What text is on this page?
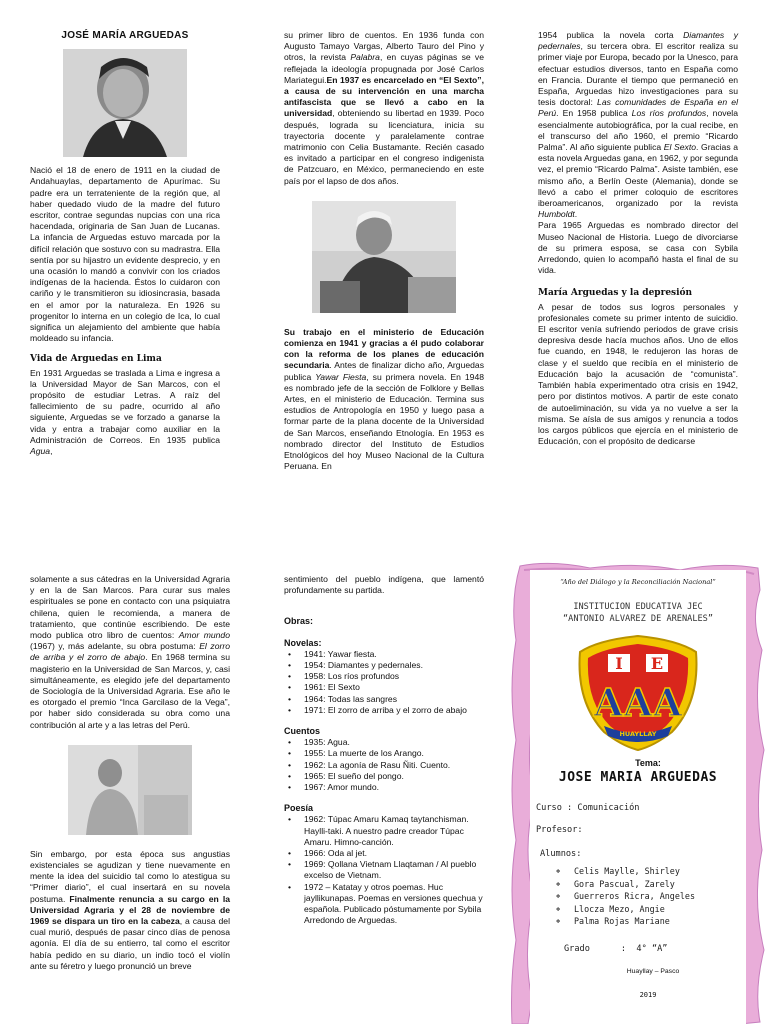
JOSÉ MARÍA ARGUEDAS

Nació el 18 de enero de 1911 en la ciudad de Andahuaylas, departamento de Apurímac. Su padre era un terrateniente de la región que, al haber quedado viudo de la madre del futuro escritor, contrae segundas nupcias con una rica hacendada, originaria de San Juan de Lucanas. La infancia de Arguedas estuvo marcada por la difícil relación que sostuvo con su madrastra. Ella sentía por su hijastro un evidente desprecio, y en una ocasión lo mandó a convivir con los criados indígenas de la hacienda. Éstos lo cuidaron con cariño y le transmitieron su idiosincrasia, basada en el amor por la naturaleza. En 1926 su progenitor lo interna en un colegio de Ica, lo cual significa un alejamiento del ambiente que había moldeado su infancia.

Vida de Arguedas en Lima

En 1931 Arguedas se traslada a Lima e ingresa a la Universidad Mayor de San Marcos, con el propósito de estudiar Letras. A raíz del fallecimiento de su padre, ocurrido al año siguiente, Arguedas se ve forzado a ganarse la vida y entra a trabajar como auxiliar en la Administración de Correos. En 1935 publica Agua,

su primer libro de cuentos. En 1936 funda con Augusto Tamayo Vargas, Alberto Tauro del Pino y otros, la revista Palabra, en cuyas páginas se ve reflejada la ideología propugnada por José Carlos Mariategui.En 1937 es encarcelado en “El Sexto”, a causa de su intervención en una marcha antifascista que se llevó a cabo en la universidad, obteniendo su libertad en 1939. Poco después, lograda su licenciatura, inicia su trayectoria docente y paralelamente contrae matrimonio con Celia Bustamante. Recién casado es invitado a participar en el congreso indigenista de Patzcuaro, en México, permaneciendo en este país por el lapso de dos años.

Su trabajo en el ministerio de Educación comienza en 1941 y gracias a él pudo colaborar con la reforma de los planes de educación secundaria. Antes de finalizar dicho año, Arguedas publica Yawar Fiesta, su primera novela. En 1948 es nombrado jefe de la sección de Folklore y Bellas Artes, en el ministerio de Educación. Termina sus estudios de Antropología en 1950 y luego pasa a formar parte de la plana docente de la Universidad de San Marcos, enseñando Etnología. En 1953 es nombrado director del Instituto de Estudios Etnológicos del hoy Museo Nacional de la Cultura Peruana. En

1954 publica la novela corta Diamantes y pedernales, su tercera obra. El escritor realiza su primer viaje por Europa, becado por la Unesco, para efectuar estudios diversos, tanto en España como en Francia. Durante el tiempo que permaneció en España, Arguedas hizo investigaciones para su tesis doctoral: Las comunidades de España en el Perú. En 1958 publica Los ríos profundos, novela esencialmente autobiográfica, por la cual recibe, en el transcurso del año 1960, el premio “Ricardo Palma”. Al año siguiente publica El Sexto. Gracias a esta novela Arguedas gana, en 1962, y por segunda vez, el premio “Ricardo Palma”. Asiste también, ese mismo año, a Berlín Oeste (Alemania), donde se llevó a cabo el primer coloquio de escritores iberoamericanos, organizado por la revista Humboldt.

Para 1965 Arguedas es nombrado director del Museo Nacional de Historia. Luego de divorciarse de su primera esposa, se casa con Sybila Arredondo, quien lo acompañó hasta el final de su vida.

María Arguedas y la depresión

A pesar de todos sus logros personales y profesionales comete su primer intento de suicidio. El escritor venía sufriendo periodos de grave crisis depresiva desde hacía muchos años. Uno de ellos fue cuando, en 1948, le redujeron las horas de clase y el sueldo que recibía en el ministerio de Educación bajo la acusación de “comunista”. También había experimentado otra crisis en 1942, pero por distintos motivos. A partir de este conato de autoeliminación, su vida ya no vuelve a ser la misma. Se aísla de sus amigos y renuncia a todos los cargos públicos que ejercía en el ministerio de Educación, con el propósito de dedicarse

solamente a sus cátedras en la Universidad Agraria y en la de San Marcos. Para curar sus males espirituales se pone en contacto con una psiquiatra chilena, quien le recomienda, a manera de tratamiento, que continúe escribiendo. De este modo publica otro libro de cuentos: Amor mundo (1967) y, más adelante, su obra postuma: El zorro de arriba y el zorro de abajo. En 1968 termina su magisterio en la Universidad de San Marcos, y, casi simultáneamente, es elegido jefe del departamento de Sociología de la Universidad Agraria. Ese año le es otorgado el premio “Inca Garcilaso de la Vega”, por haber sido considerada su obra como una contribución al arte y a las letras del Perú.

Sin embargo, por esta época sus angustias existenciales se agudizan y tiene nuevamente en mente la idea del suicidio tal como lo atestigua su “Primer diario”, el cual insertará en su novela postuma. Finalmente renuncia a su cargo en la Universidad Agraria y el 28 de noviembre de 1969 se dispara un tiro en la cabeza, a causa del cual murió, después de pasar cinco días de penosa agonía. El día de su entierro, tal como el escritor había pedido en su diario, un indio tocó el violín ante su féretro y luego pronunció un breve

sentimiento del pueblo indígena, que lamentó profundamente su partida.

Obras:
Novelas:
• 1941: Yawar fiesta.
• 1954: Diamantes y pedernales.
• 1958: Los ríos profundos
• 1961: El Sexto
• 1964: Todas las sangres
• 1971: El zorro de arriba y el zorro de abajo
Cuentos
• 1935: Agua.
• 1955: La muerte de los Arango.
• 1962: La agonía de Rasu Ñiti. Cuento.
• 1965: El sueño del pongo.
• 1967: Amor mundo.
Poesía
• 1962: Túpac Amaru Kamaq taytanchisman. Haylli-taki. A nuestro padre creador Túpac Amaru. Himno-canción.
• 1966: Oda al jet.
• 1969: Qollana Vietnam Llaqtaman / Al pueblo excelso de Vietnam.
• 1972 – Katatay y otros poemas. Huc jayllikunapas. Poemas en versiones quechua y española. Publicado póstumamente por Sybila Arredondo de Arguedas.
“Año del Diálogo y la Reconciliación Nacional”
INSTITUCION EDUCATIVA JEC
“ANTONIO ALVAREZ DE ARENALES”
I E
AAA
HUAYLLAY
Tema:
JOSE MARIA ARGUEDAS
Curso : Comunicación
Profesor:
Alumnos:
❖ Celis Maylle, Shirley
❖ Gora Pascual, Zarely
❖ Guerreros Ricra, Angeles
❖ Llocza Mezo, Angie
❖ Palma Rojas Mariane
Grado      :  4° “A”
Huayllay – Pasco
2019
